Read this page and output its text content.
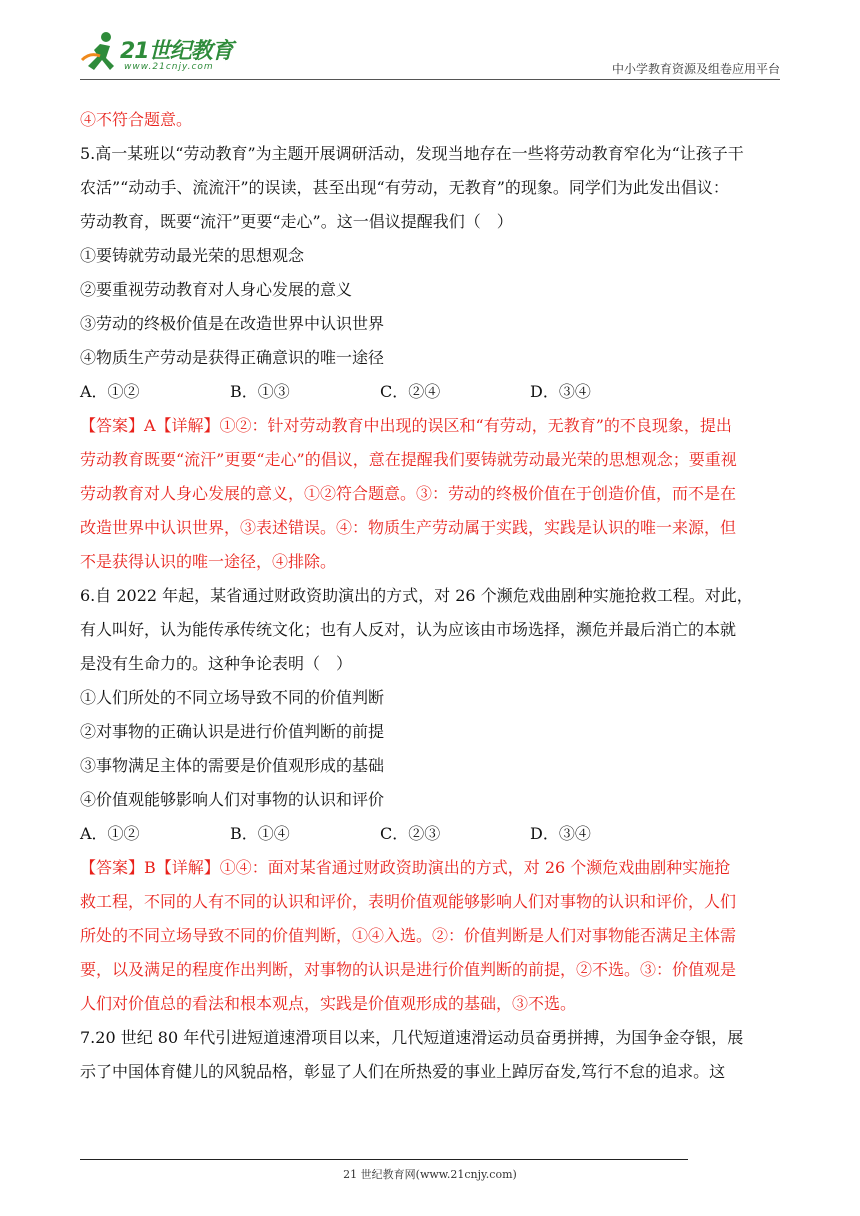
21世纪教育
www.21cnjy.com	中小学教育资源及组卷应用平台
④不符合题意。
5.高一某班以“劳动教育”为主题开展调研活动，发现当地存在一些将劳动教育窄化为“让孩子干
农活”“动动手、流流汗”的误读，甚至出现“有劳动，无教育”的现象。同学们为此发出倡议：
劳动教育，既要“流汗”更要“走心”。这一倡议提醒我们（　）
①要铸就劳动最光荣的思想观念
②要重视劳动教育对人身心发展的意义
③劳动的终极价值是在改造世界中认识世界
④物质生产劳动是获得正确意识的唯一途径
A．①②	B．①③	C．②④	D．③④
【答案】A【详解】①②：针对劳动教育中出现的误区和“有劳动，无教育”的不良现象，提出
劳动教育既要“流汗”更要“走心”的倡议，意在提醒我们要铸就劳动最光荣的思想观念；要重视
劳动教育对人身心发展的意义，①②符合题意。③：劳动的终极价值在于创造价值，而不是在
改造世界中认识世界，③表述错误。④：物质生产劳动属于实践，实践是认识的唯一来源，但
不是获得认识的唯一途径，④排除。
6.自 2022 年起，某省通过财政资助演出的方式，对 26 个濒危戏曲剧种实施抢救工程。对此，
有人叫好，认为能传承传统文化；也有人反对，认为应该由市场选择，濒危并最后消亡的本就
是没有生命力的。这种争论表明（　）
①人们所处的不同立场导致不同的价值判断
②对事物的正确认识是进行价值判断的前提
③事物满足主体的需要是价值观形成的基础
④价值观能够影响人们对事物的认识和评价
A．①②	B．①④	C．②③	D．③④
【答案】B【详解】①④：面对某省通过财政资助演出的方式，对 26 个濒危戏曲剧种实施抢
救工程，不同的人有不同的认识和评价，表明价值观能够影响人们对事物的认识和评价，人们
所处的不同立场导致不同的价值判断，①④入选。②：价值判断是人们对事物能否满足主体需
要，以及满足的程度作出判断，对事物的认识是进行价值判断的前提，②不选。③：价值观是
人们对价值总的看法和根本观点，实践是价值观形成的基础，③不选。
7.20 世纪 80 年代引进短道速滑项目以来，几代短道速滑运动员奋勇拼搏，为国争金夺银，展
示了中国体育健儿的风貌品格，彰显了人们在所热爱的事业上踔厉奋发,笃行不怠的追求。这
21 世纪教育网(www.21cnjy.com)
